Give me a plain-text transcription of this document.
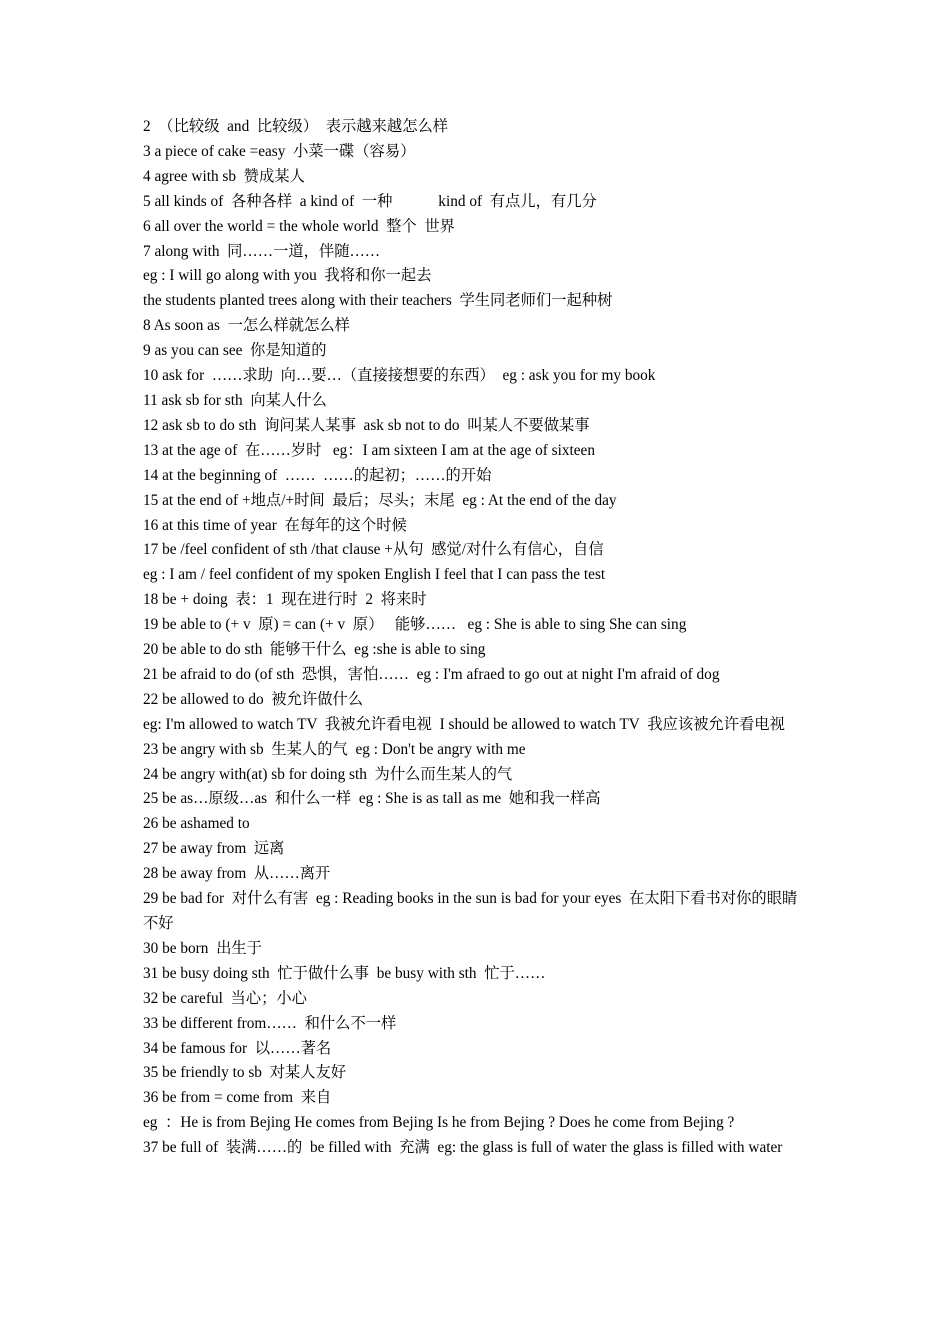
2  （比较级  and  比较级）  表示越来越怎么样

3 a piece of cake =easy  小菜一碟（容易）

4 agree with sb  赞成某人

5 all kinds of  各种各样  a kind of  一种            kind of  有点儿，有几分

6 all over the world = the whole world  整个  世界

7 along with  同……一道，伴随……

eg : I will go along with you  我将和你一起去

the students planted trees along with their teachers  学生同老师们一起种树

8 As soon as  一怎么样就怎么样

9 as you can see  你是知道的

10 ask for  ……求助  向…要…（直接接想要的东西）  eg : ask you for my book

11 ask sb for sth  向某人什么

12 ask sb to do sth  询问某人某事  ask sb not to do  叫某人不要做某事

13 at the age of  在……岁时   eg：I am sixteen I am at the age of sixteen

14 at the beginning of  ……  ……的起初；……的开始

15 at the end of +地点/+时间  最后；尽头；末尾  eg : At the end of the day

16 at this time of year  在每年的这个时候

17 be /feel confident of sth /that clause +从句  感觉/对什么有信心，自信

eg : I am / feel confident of my spoken English I feel that I can pass the test

18 be + doing  表：1  现在进行时  2  将来时

19 be able to (+ v  原) = can (+ v  原）   能够……   eg : She is able to sing She can sing

20 be able to do sth  能够干什么  eg :she is able to sing

21 be afraid to do (of sth  恐惧，害怕……  eg : I'm afraed to go out at night I'm afraid of dog

22 be allowed to do  被允许做什么

eg: I'm allowed to watch TV  我被允许看电视  I should be allowed to watch TV  我应该被允许看电视

23 be angry with sb  生某人的气  eg : Don't be angry with me

24 be angry with(at) sb for doing sth  为什么而生某人的气

25 be as…原级…as  和什么一样  eg : She is as tall as me  她和我一样高

26 be ashamed to

27 be away from  远离

28 be away from  从……离开

29 be bad for  对什么有害  eg : Reading books in the sun is bad for your eyes  在太阳下看书对你的眼睛不好

30 be born  出生于

31 be busy doing sth  忙于做什么事  be busy with sth  忙于……

32 be careful  当心；小心

33 be different from……  和什么不一样

34 be famous for  以……著名

35 be friendly to sb  对某人友好

36 be from = come from  来自

eg  ：He is from Bejing He comes from Bejing Is he from Bejing ? Does he come from Bejing ?

37 be full of  装满……的  be filled with  充满  eg: the glass is full of water the glass is filled with water
